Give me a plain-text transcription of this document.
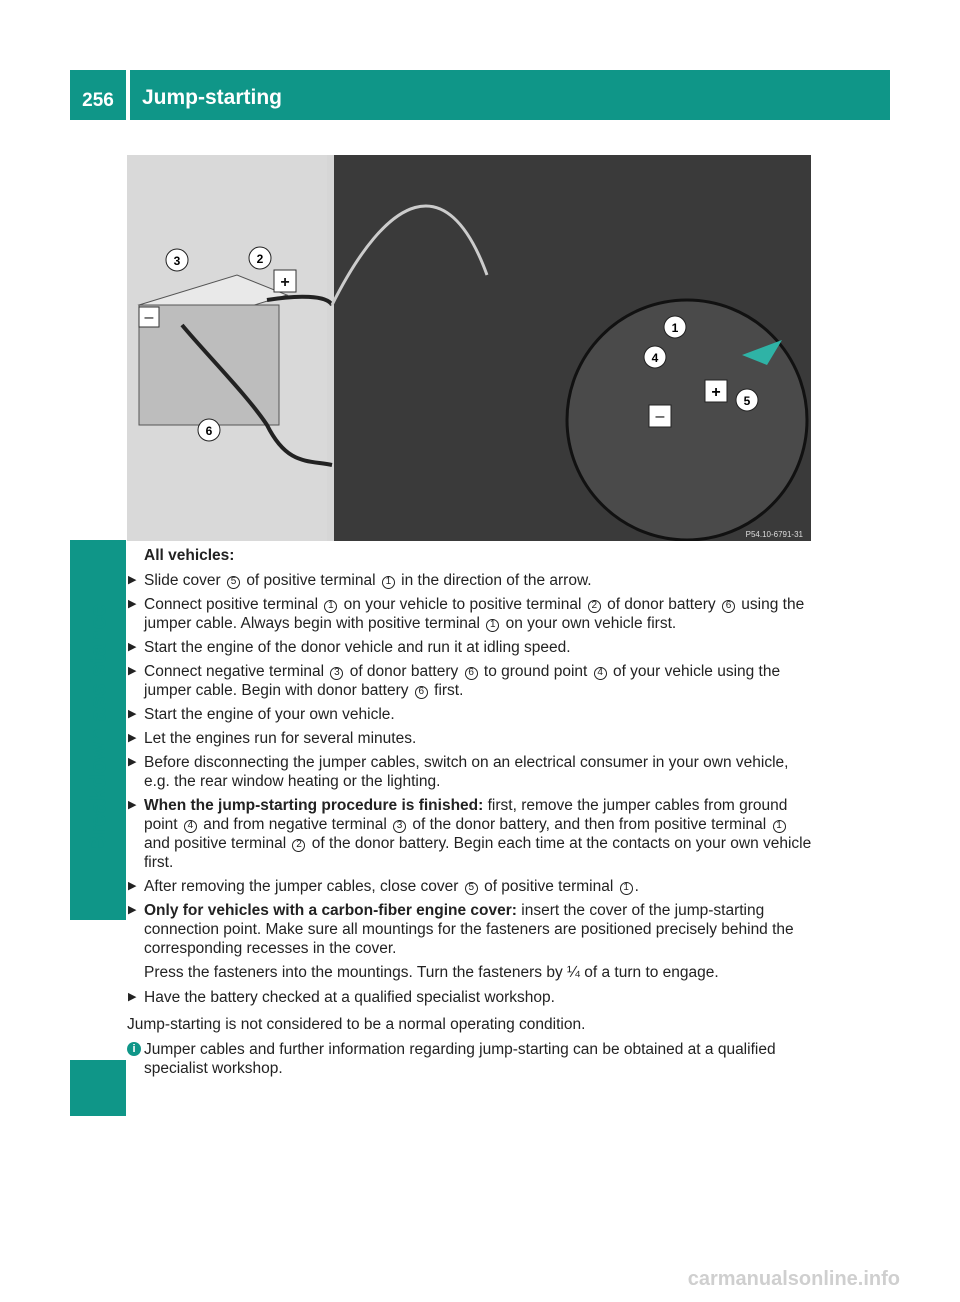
256	Jump-starting
Breakdown assistance
–
+
3	2
6
1
4
5
+
–
P54.10-6791-31
All vehicles:
▶ Slide cover 5 of positive terminal 1 in the direction of the arrow.
▶ Connect positive terminal 1 on your vehicle to positive terminal 2 of donor battery 6 using the jumper cable. Always begin with positive terminal 1 on your own vehicle first.
▶ Start the engine of the donor vehicle and run it at idling speed.
▶ Connect negative terminal 3 of donor battery 6 to ground point 4 of your vehicle using the jumper cable. Begin with donor battery 6 first.
▶ Start the engine of your own vehicle.
▶ Let the engines run for several minutes.
▶ Before disconnecting the jumper cables, switch on an electrical consumer in your own vehicle, e.g. the rear window heating or the lighting.
▶ When the jump-starting procedure is finished: first, remove the jumper cables from ground point 4 and from negative terminal 3 of the donor battery, and then from positive terminal 1 and positive terminal 2 of the donor battery. Begin each time at the contacts on your own vehicle first.
▶ After removing the jumper cables, close cover 5 of positive terminal 1 .
▶ Only for vehicles with a carbon-fiber engine cover: insert the cover of the jump-starting connection point. Make sure all mountings for the fasteners are positioned precisely behind the corresponding recesses in the cover.
Press the fasteners into the mountings. Turn the fasteners by ¼ of a turn to engage.
▶ Have the battery checked at a qualified specialist workshop.
Jump-starting is not considered to be a normal operating condition.
i Jumper cables and further information regarding jump-starting can be obtained at a qualified specialist workshop.
carmanualsonline.info
